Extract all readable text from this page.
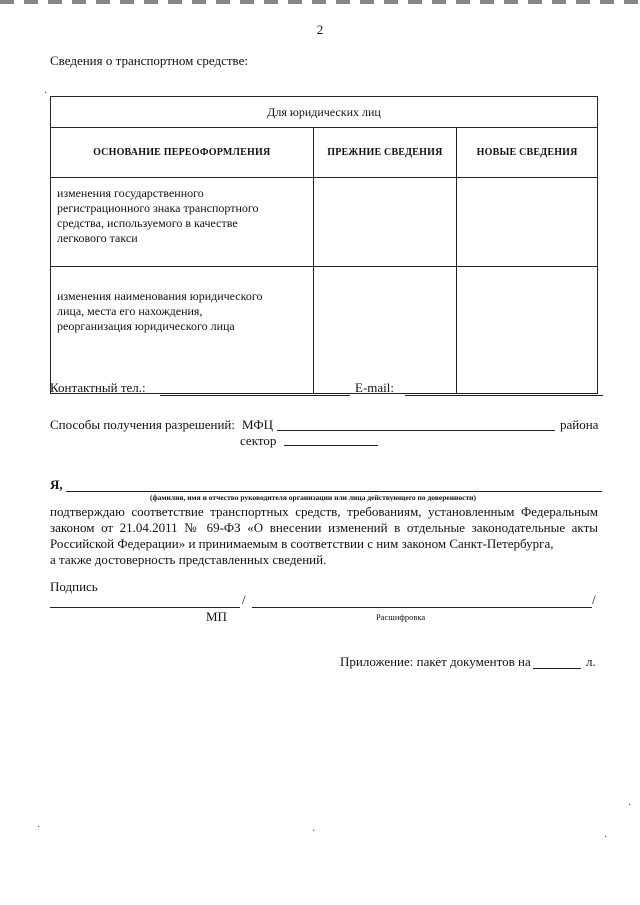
·
2
Сведения о транспортном средстве:
Для юридических лиц		
ОСНОВАНИЕ ПЕРЕОФОРМЛЕНИЯ	ПРЕЖНИЕ СВЕДЕНИЯ	НОВЫЕ СВЕДЕНИЯ

изменения государственного
регистрационного знака транспортного
средства, используемого в качестве
легкового такси		

изменения наименования юридического
лица, места его нахождения,
реорганизация юридического лица		

Контактный тел.:	E-mail:
Способы получения разрешений: МФЦ	района
сектор
Я,
(фамилия, имя и отчество руководителя организации или лица действующего по доверенности)
подтверждаю соответствие транспортных средств, требованиям, установленным Федеральным законом от 21.04.2011 № 69-ФЗ «О внесении изменений в отдельные законодательные акты Российской Федерации» и принимаемым в соответствии с ним законом Санкт-Петербурга,
а также достоверность представленных сведений.
Подпись
/	/
МП	Расшифровка
Приложение: пакет документов на	л.
·	·
·
·
